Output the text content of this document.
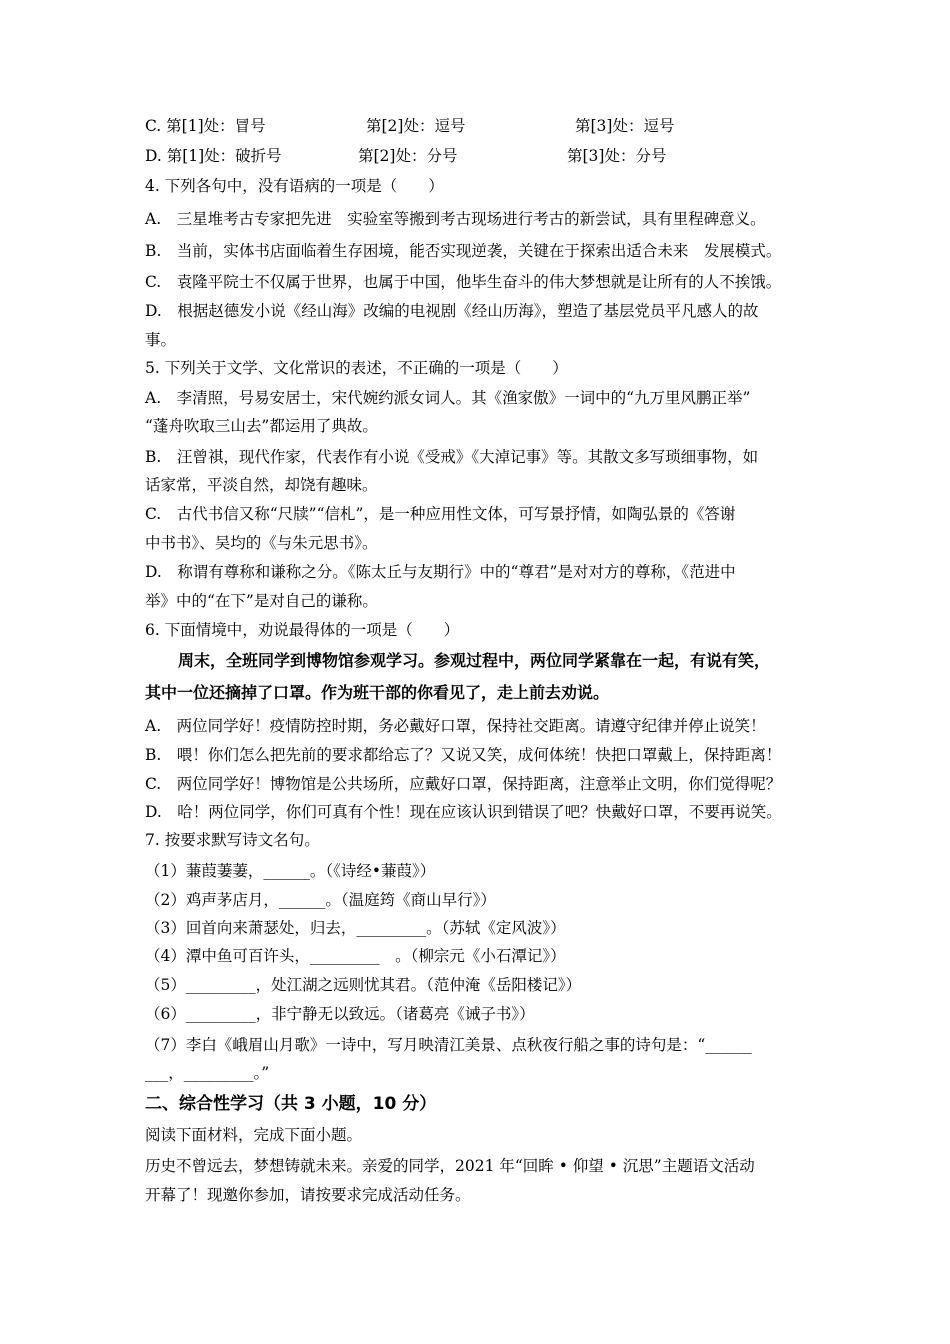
C. 第[1]处：冒号	第[2]处：逗号	第[3]处：逗号
D. 第[1]处：破折号	第[2]处：分号	第[3]处：分号
4. 下列各句中，没有语病的一项是（　　）
A.　三星堆考古专家把先进　实验室等搬到考古现场进行考古的新尝试，具有里程碑意义。
B.　当前，实体书店面临着生存困境，能否实现逆袭，关键在于探索出适合未来　发展模式。
C.　袁隆平院士不仅属于世界，也属于中国，他毕生奋斗的伟大梦想就是让所有的人不挨饿。
D.　根据赵德发小说《经山海》改编的电视剧《经山历海》，塑造了基层党员平凡感人的故
事。
5. 下列关于文学、文化常识的表述，不正确的一项是（　　）
A.　李清照，号易安居士，宋代婉约派女词人。其《渔家傲》一词中的“九万里风鹏正举”
“蓬舟吹取三山去”都运用了典故。
B.　汪曾祺，现代作家，代表作有小说《受戒》《大淖记事》等。其散文多写琐细事物，如
话家常，平淡自然，却饶有趣味。
C.　古代书信又称“尺牍”“信札”，是一种应用性文体，可写景抒情，如陶弘景的《答谢
中书书》、吴均的《与朱元思书》。
D.　称谓有尊称和谦称之分。《陈太丘与友期行》中的“尊君”是对对方的尊称，《范进中
举》中的“在下”是对自己的谦称。
6. 下面情境中，劝说最得体的一项是（　　）
周末，全班同学到博物馆参观学习。参观过程中，两位同学紧靠在一起，有说有笑，
其中一位还摘掉了口罩。作为班干部的你看见了，走上前去劝说。
A.　两位同学好！疫情防控时期，务必戴好口罩，保持社交距离。请遵守纪律并停止说笑！
B.　喂！你们怎么把先前的要求都给忘了？又说又笑，成何体统！快把口罩戴上，保持距离！
C.　两位同学好！博物馆是公共场所，应戴好口罩，保持距离，注意举止文明，你们觉得呢？
D.　哈！两位同学，你们可真有个性！现在应该认识到错误了吧？快戴好口罩，不要再说笑。
7. 按要求默写诗文名句。
（1）蒹葭萋萋，______。（《诗经•蒹葭》）
（2）鸡声茅店月，______。（温庭筠《商山早行》）
（3）回首向来萧瑟处，归去，_________。（苏轼《定风波》）
（4）潭中鱼可百许头，_________　。（柳宗元《小石潭记》）
（5）_________，处江湖之远则忧其君。（范仲淹《岳阳楼记》）
（6）_________，非宁静无以致远。（诸葛亮《诫子书》）
（7）李白《峨眉山月歌》一诗中，写月映清江美景、点秋夜行船之事的诗句是：“______
___，_________。”
二、综合性学习（共 3 小题，10 分）
阅读下面材料，完成下面小题。
历史不曾远去，梦想铸就未来。亲爱的同学，2021 年“回眸 • 仰望 • 沉思”主题语文活动
开幕了！现邀你参加，请按要求完成活动任务。
